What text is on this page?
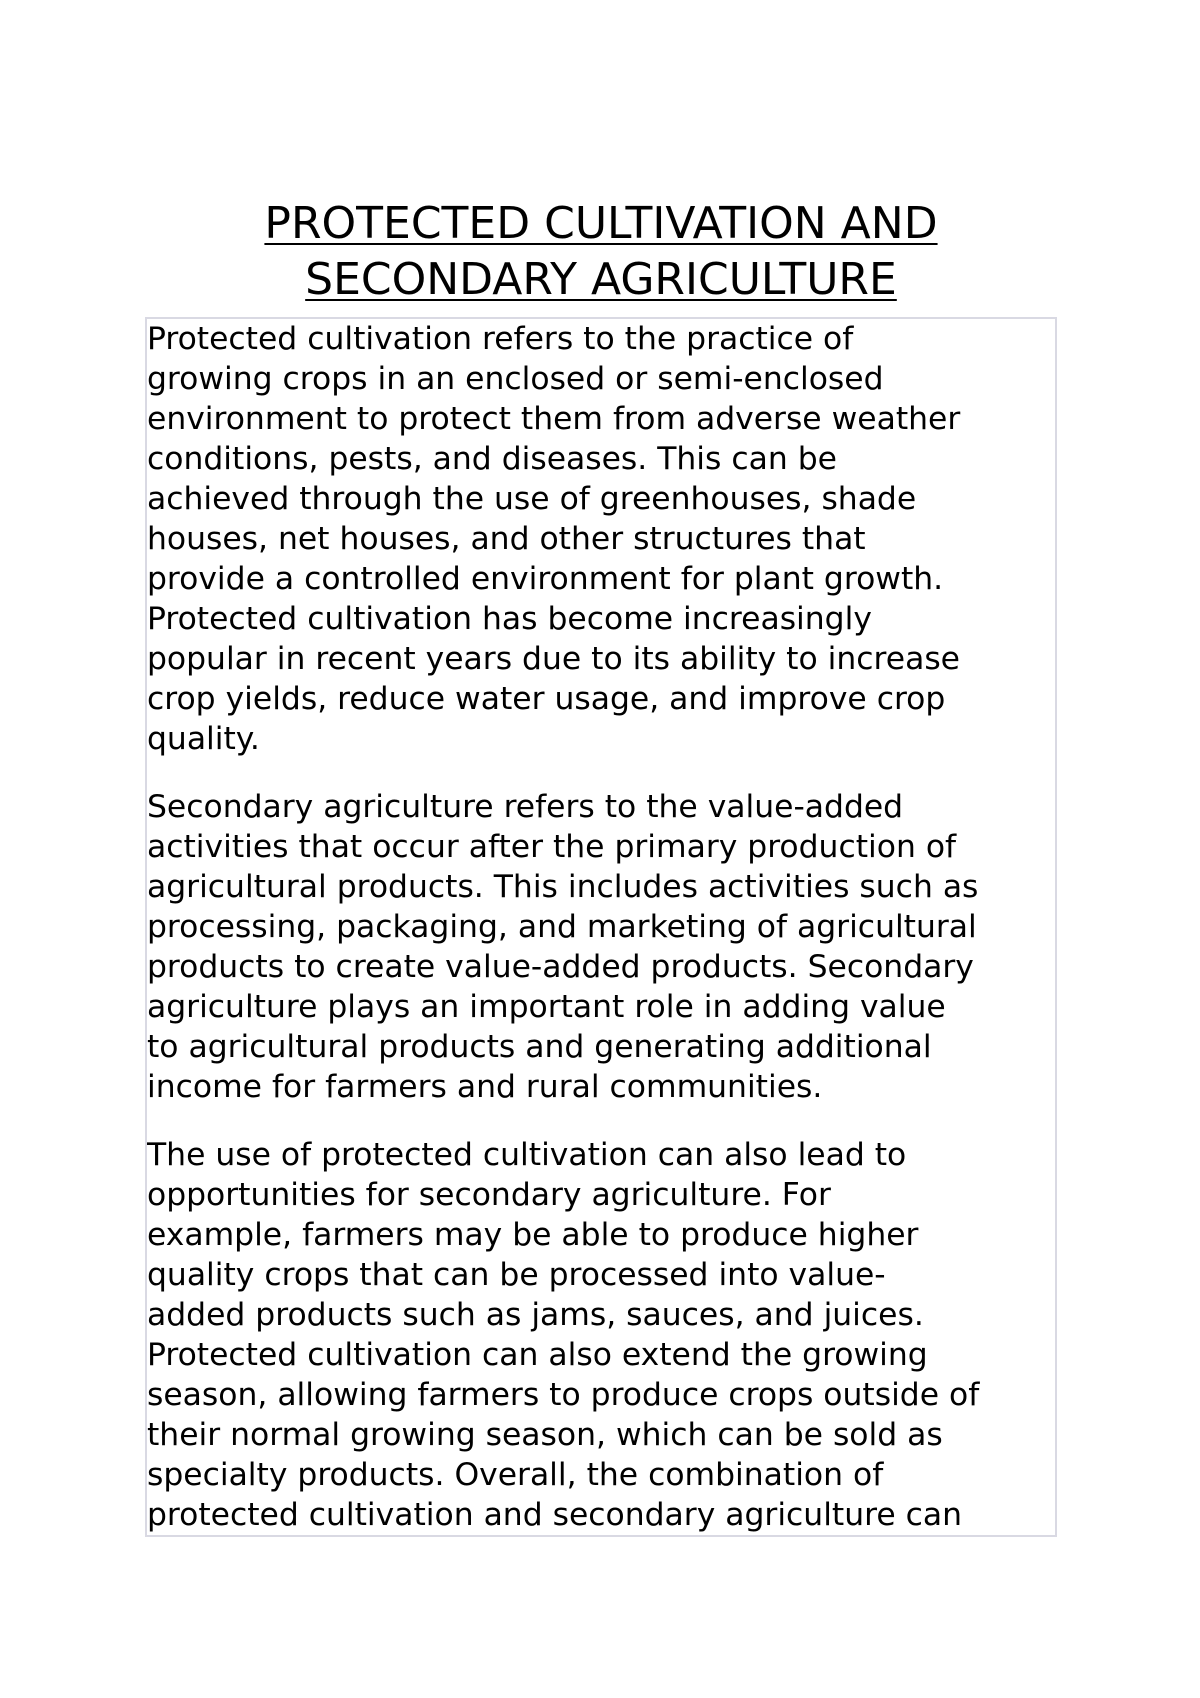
PROTECTED CULTIVATION AND
SECONDARY AGRICULTURE

Protected cultivation refers to the practice of
growing crops in an enclosed or semi-enclosed
environment to protect them from adverse weather
conditions, pests, and diseases. This can be
achieved through the use of greenhouses, shade
houses, net houses, and other structures that
provide a controlled environment for plant growth.
Protected cultivation has become increasingly
popular in recent years due to its ability to increase
crop yields, reduce water usage, and improve crop
quality.

Secondary agriculture refers to the value-added
activities that occur after the primary production of
agricultural products. This includes activities such as
processing, packaging, and marketing of agricultural
products to create value-added products. Secondary
agriculture plays an important role in adding value
to agricultural products and generating additional
income for farmers and rural communities.

The use of protected cultivation can also lead to
opportunities for secondary agriculture. For
example, farmers may be able to produce higher
quality crops that can be processed into value-
added products such as jams, sauces, and juices.
Protected cultivation can also extend the growing
season, allowing farmers to produce crops outside of
their normal growing season, which can be sold as
specialty products. Overall, the combination of
protected cultivation and secondary agriculture can
